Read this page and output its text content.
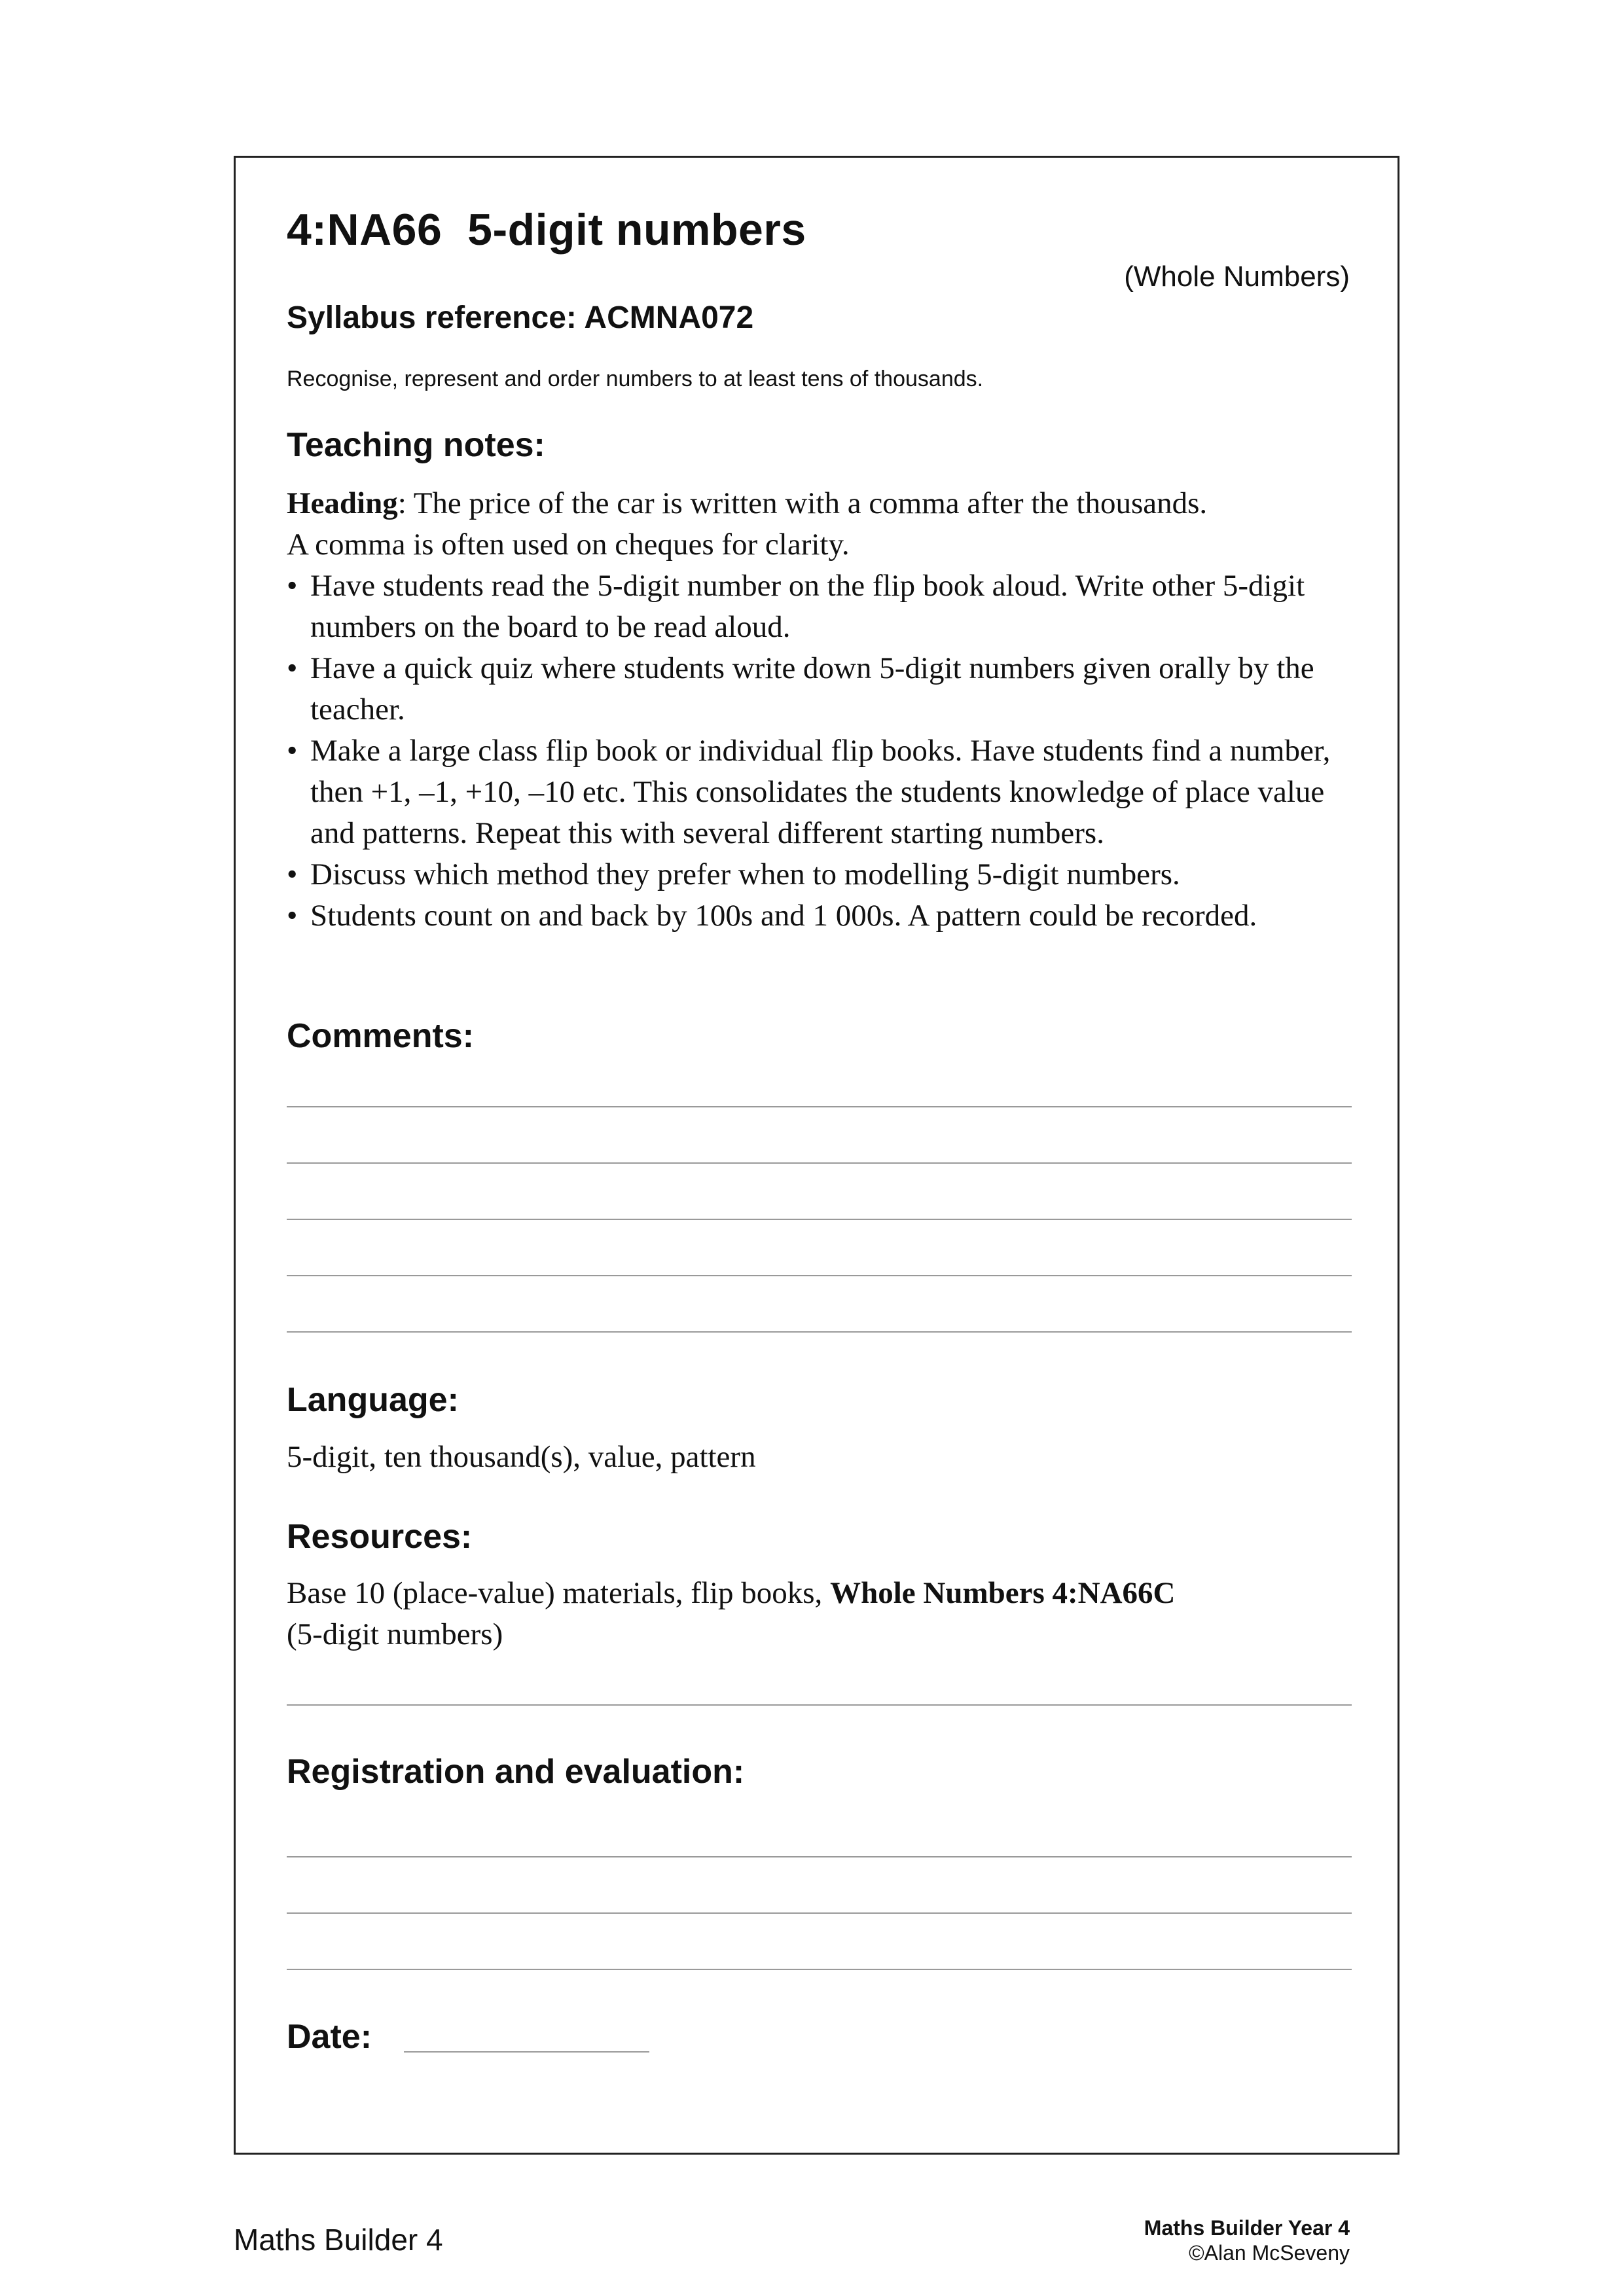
4:NA66 5-digit numbers
(Whole Numbers)
Syllabus reference: ACMNA072
Recognise, represent and order numbers to at least tens of thousands.
Teaching notes:

Heading: The price of the car is written with a comma after the thousands.

A comma is often used on cheques for clarity.

• Have students read the 5-digit number on the flip book aloud. Write other 5-digit numbers on the board to be read aloud.
• Have a quick quiz where students write down 5-digit numbers given orally by the teacher.
• Make a large class flip book or individual flip books. Have students find a number, then +1, –1, +10, –10 etc. This consolidates the students knowledge of place value and patterns. Repeat this with several different starting numbers.
• Discuss which method they prefer when to modelling 5-digit numbers.
• Students count on and back by 100s and 1 000s. A pattern could be recorded.
Comments:
Language:
5-digit, ten thousand(s), value, pattern
Resources:
Base 10 (place-value) materials, flip books, Whole Numbers 4:NA66C
(5-digit numbers)
Registration and evaluation:
Date:
Maths Builder 4	Maths Builder Year 4
©Alan McSeveny
